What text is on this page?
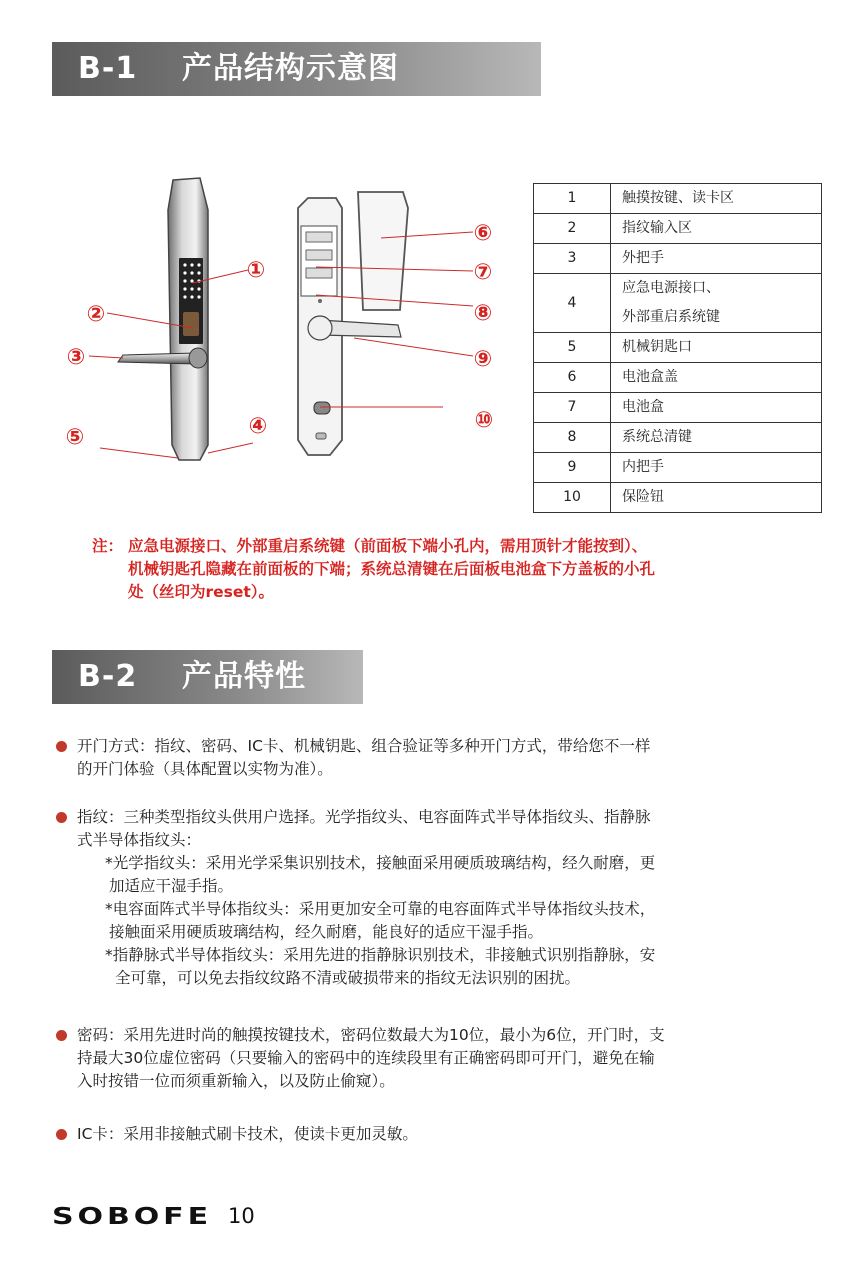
B-1 产品结构示意图
①
②
③
④
⑤
⑥
⑦
⑧
⑨
⑩
1	触摸按键、读卡区

2	指纹输入区

3	外把手

4	应急电源接口、
外部重启系统键

5	机械钥匙口

6	电池盒盖

7	电池盒

8	系统总清键

9	内把手

10	保险钮
注： 应急电源接口、外部重启系统键（前面板下端小孔内，需用顶针才能按到）、
机械钥匙孔隐藏在前面板的下端；系统总清键在后面板电池盒下方盖板的小孔
处（丝印为reset）。
B-2 产品特性
开门方式：指纹、密码、IC卡、机械钥匙、组合验证等多种开门方式，带给您不一样
的开门体验（具体配置以实物为准）。
指纹：三种类型指纹头供用户选择。光学指纹头、电容面阵式半导体指纹头、指静脉
式半导体指纹头：
*光学指纹头：采用光学采集识别技术，接触面采用硬质玻璃结构，经久耐磨，更
加适应干湿手指。
*电容面阵式半导体指纹头：采用更加安全可靠的电容面阵式半导体指纹头技术，
接触面采用硬质玻璃结构，经久耐磨，能良好的适应干湿手指。
*指静脉式半导体指纹头：采用先进的指静脉识别技术，非接触式识别指静脉，安
全可靠，可以免去指纹纹路不清或破损带来的指纹无法识别的困扰。
密码：采用先进时尚的触摸按键技术，密码位数最大为10位，最小为6位，开门时，支
持最大30位虚位密码（只要输入的密码中的连续段里有正确密码即可开门，避免在输
入时按错一位而须重新输入，以及防止偷窥）。
IC卡：采用非接触式刷卡技术，使读卡更加灵敏。
SOBOFE 10
